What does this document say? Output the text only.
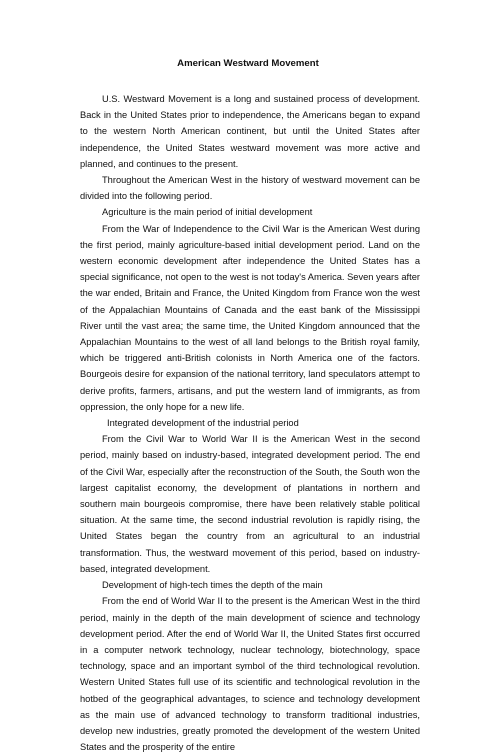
American Westward Movement

U.S. Westward Movement is a long and sustained process of development. Back in the United States prior to independence, the Americans began to expand to the western North American continent, but until the United States after independence, the United States westward movement was more active and planned, and continues to the present.

Throughout the American West in the history of westward movement can be divided into the following period.

Agriculture is the main period of initial development

From the War of Independence to the Civil War is the American West during the first period, mainly agriculture-based initial development period. Land on the western economic development after independence the United States has a special significance, not open to the west is not today's America. Seven years after the war ended, Britain and France, the United Kingdom from France won the west of the Appalachian Mountains of Canada and the east bank of the Mississippi River until the vast area; the same time, the United Kingdom announced that the Appalachian Mountains to the west of all land belongs to the British royal family, which be triggered anti-British colonists in North America one of the factors. Bourgeois desire for expansion of the national territory, land speculators attempt to derive profits, farmers, artisans, and put the western land of immigrants, as from oppression, the only hope for a new life.

Integrated development of the industrial period

From the Civil War to World War II is the American West in the second period, mainly based on industry-based, integrated development period. The end of the Civil War, especially after the reconstruction of the South, the South won the largest capitalist economy, the development of plantations in northern and southern main bourgeois compromise, there have been relatively stable political situation. At the same time, the second industrial revolution is rapidly rising, the United States began the country from an agricultural to an industrial transformation. Thus, the westward movement of this period, based on industry-based, integrated development.

Development of high-tech times the depth of the main

From the end of World War II to the present is the American West in the third period, mainly in the depth of the main development of science and technology development period. After the end of World War II, the United States first occurred in a computer network technology, nuclear technology, biotechnology, space technology, space and an important symbol of the third technological revolution. Western United States full use of its scientific and technological revolution in the hotbed of the geographical advantages, to science and technology development as the main use of advanced technology to transform traditional industries, develop new industries, greatly promoted the development of the western United States and the prosperity of the entire
